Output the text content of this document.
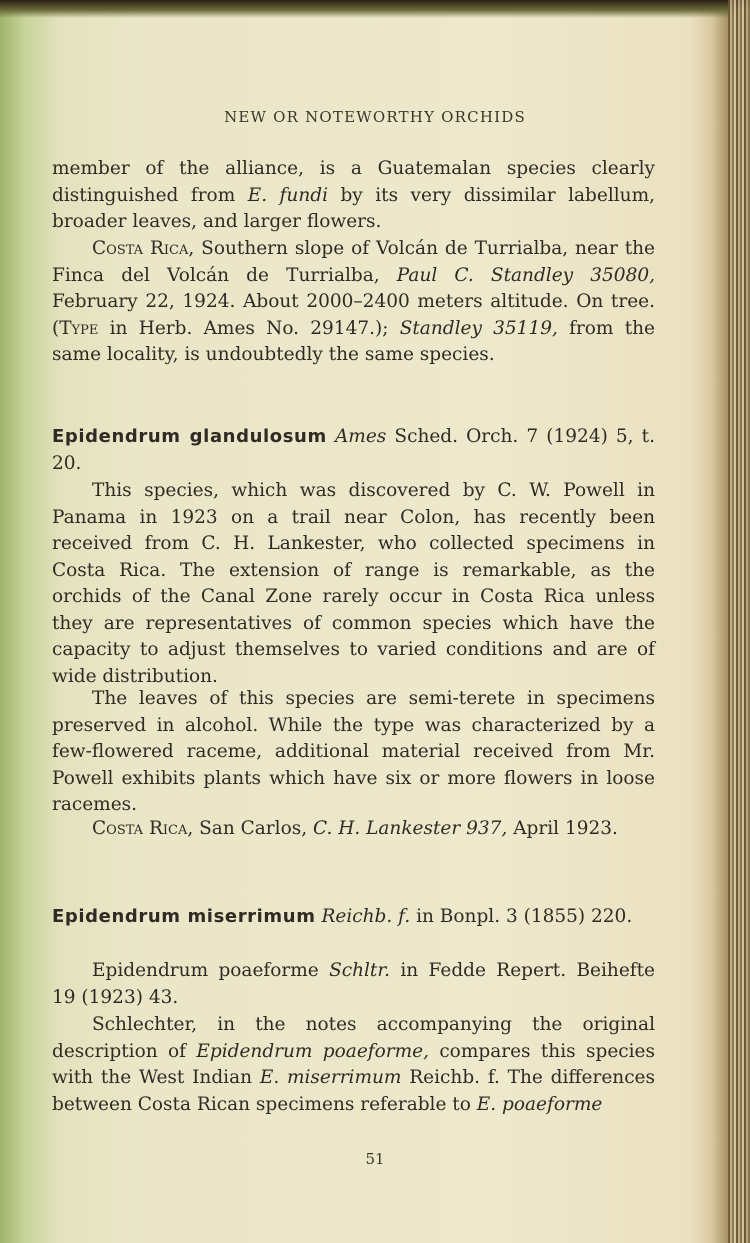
NEW OR NOTEWORTHY ORCHIDS

member of the alliance, is a Guatemalan species clearly distinguished from E. fundi by its very dissimilar labellum, broader leaves, and larger flowers.

Costa Rica, Southern slope of Volcán de Turrialba, near the Finca del Volcán de Turrialba, Paul C. Standley 35080, February 22, 1924. About 2000–2400 meters altitude. On tree. (Type in Herb. Ames No. 29147.); Standley 35119, from the same locality, is undoubtedly the same species.

Epidendrum glandulosum Ames Sched. Orch. 7 (1924) 5, t. 20.

This species, which was discovered by C. W. Powell in Panama in 1923 on a trail near Colon, has recently been received from C. H. Lankester, who collected specimens in Costa Rica. The extension of range is remarkable, as the orchids of the Canal Zone rarely occur in Costa Rica unless they are representatives of common species which have the capacity to adjust themselves to varied conditions and are of wide distribution.

The leaves of this species are semi-terete in specimens preserved in alcohol. While the type was characterized by a few-flowered raceme, additional material received from Mr. Powell exhibits plants which have six or more flowers in loose racemes.

Costa Rica, San Carlos, C. H. Lankester 937, April 1923.

Epidendrum miserrimum Reichb. f. in Bonpl. 3 (1855) 220.

Epidendrum poaeforme Schltr. in Fedde Repert. Beihefte 19 (1923) 43.

Schlechter, in the notes accompanying the original description of Epidendrum poaeforme, compares this species with the West Indian E. miserrimum Reichb. f. The differences between Costa Rican specimens referable to E. poaeforme

51
